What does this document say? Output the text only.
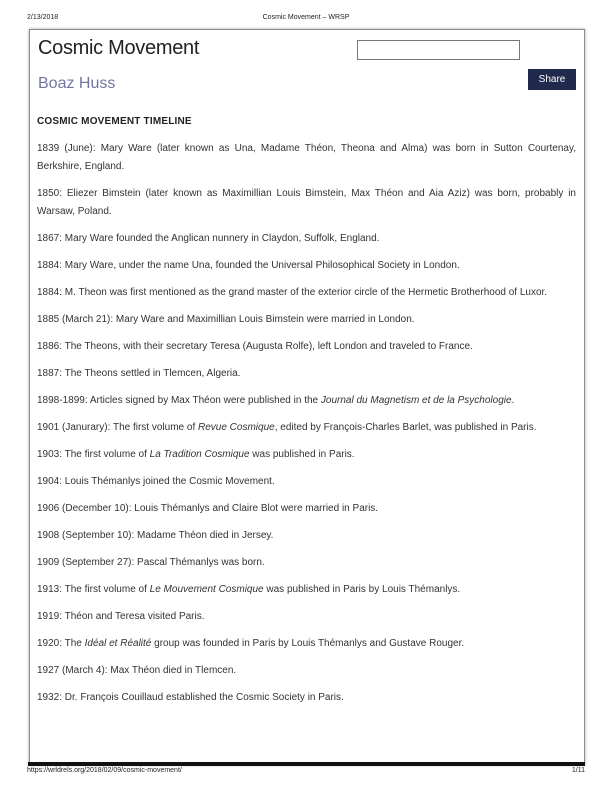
2/13/2018	Cosmic Movement – WRSP
Cosmic Movement
Boaz Huss	Share
COSMIC MOVEMENT TIMELINE

1839 (June): Mary Ware (later known as Una, Madame Théon, Theona and Alma) was born in Sutton Courtenay, Berkshire, England.

1850: Eliezer Bimstein (later known as Maximillian Louis Bimstein, Max Théon and Aia Aziz) was born, probably in Warsaw, Poland.

1867: Mary Ware founded the Anglican nunnery in Claydon, Suffolk, England.

1884: Mary Ware, under the name Una, founded the Universal Philosophical Society in London.

1884: M. Theon was first mentioned as the grand master of the exterior circle of the Hermetic Brotherhood of Luxor.

1885 (March 21): Mary Ware and Maximillian Louis Bimstein were married in London.

1886: The Theons, with their secretary Teresa (Augusta Rolfe), left London and traveled to France.

1887: The Theons settled in Tlemcen, Algeria.

1898-1899: Articles signed by Max Théon were published in the Journal du Magnetism et de la Psychologie.

1901 (Janurary): The first volume of Revue Cosmique, edited by François-Charles Barlet, was published in Paris.

1903: The first volume of La Tradition Cosmique was published in Paris.

1904: Louis Thémanlys joined the Cosmic Movement.

1906 (December 10): Louis Thémanlys and Claire Blot were married in Paris.

1908 (September 10): Madame Théon died in Jersey.

1909 (September 27): Pascal Thémanlys was born.

1913: The first volume of Le Mouvement Cosmique was published in Paris by Louis Thémanlys.

1919: Théon and Teresa visited Paris.

1920: The Idéal et Réalité group was founded in Paris by Louis Thémanlys and Gustave Rouger.

1927 (March 4): Max Théon died in Tlemcen.

1932: Dr. François Couillaud established the Cosmic Society in Paris.

https://wrldrels.org/2018/02/09/cosmic-movement/	1/11
